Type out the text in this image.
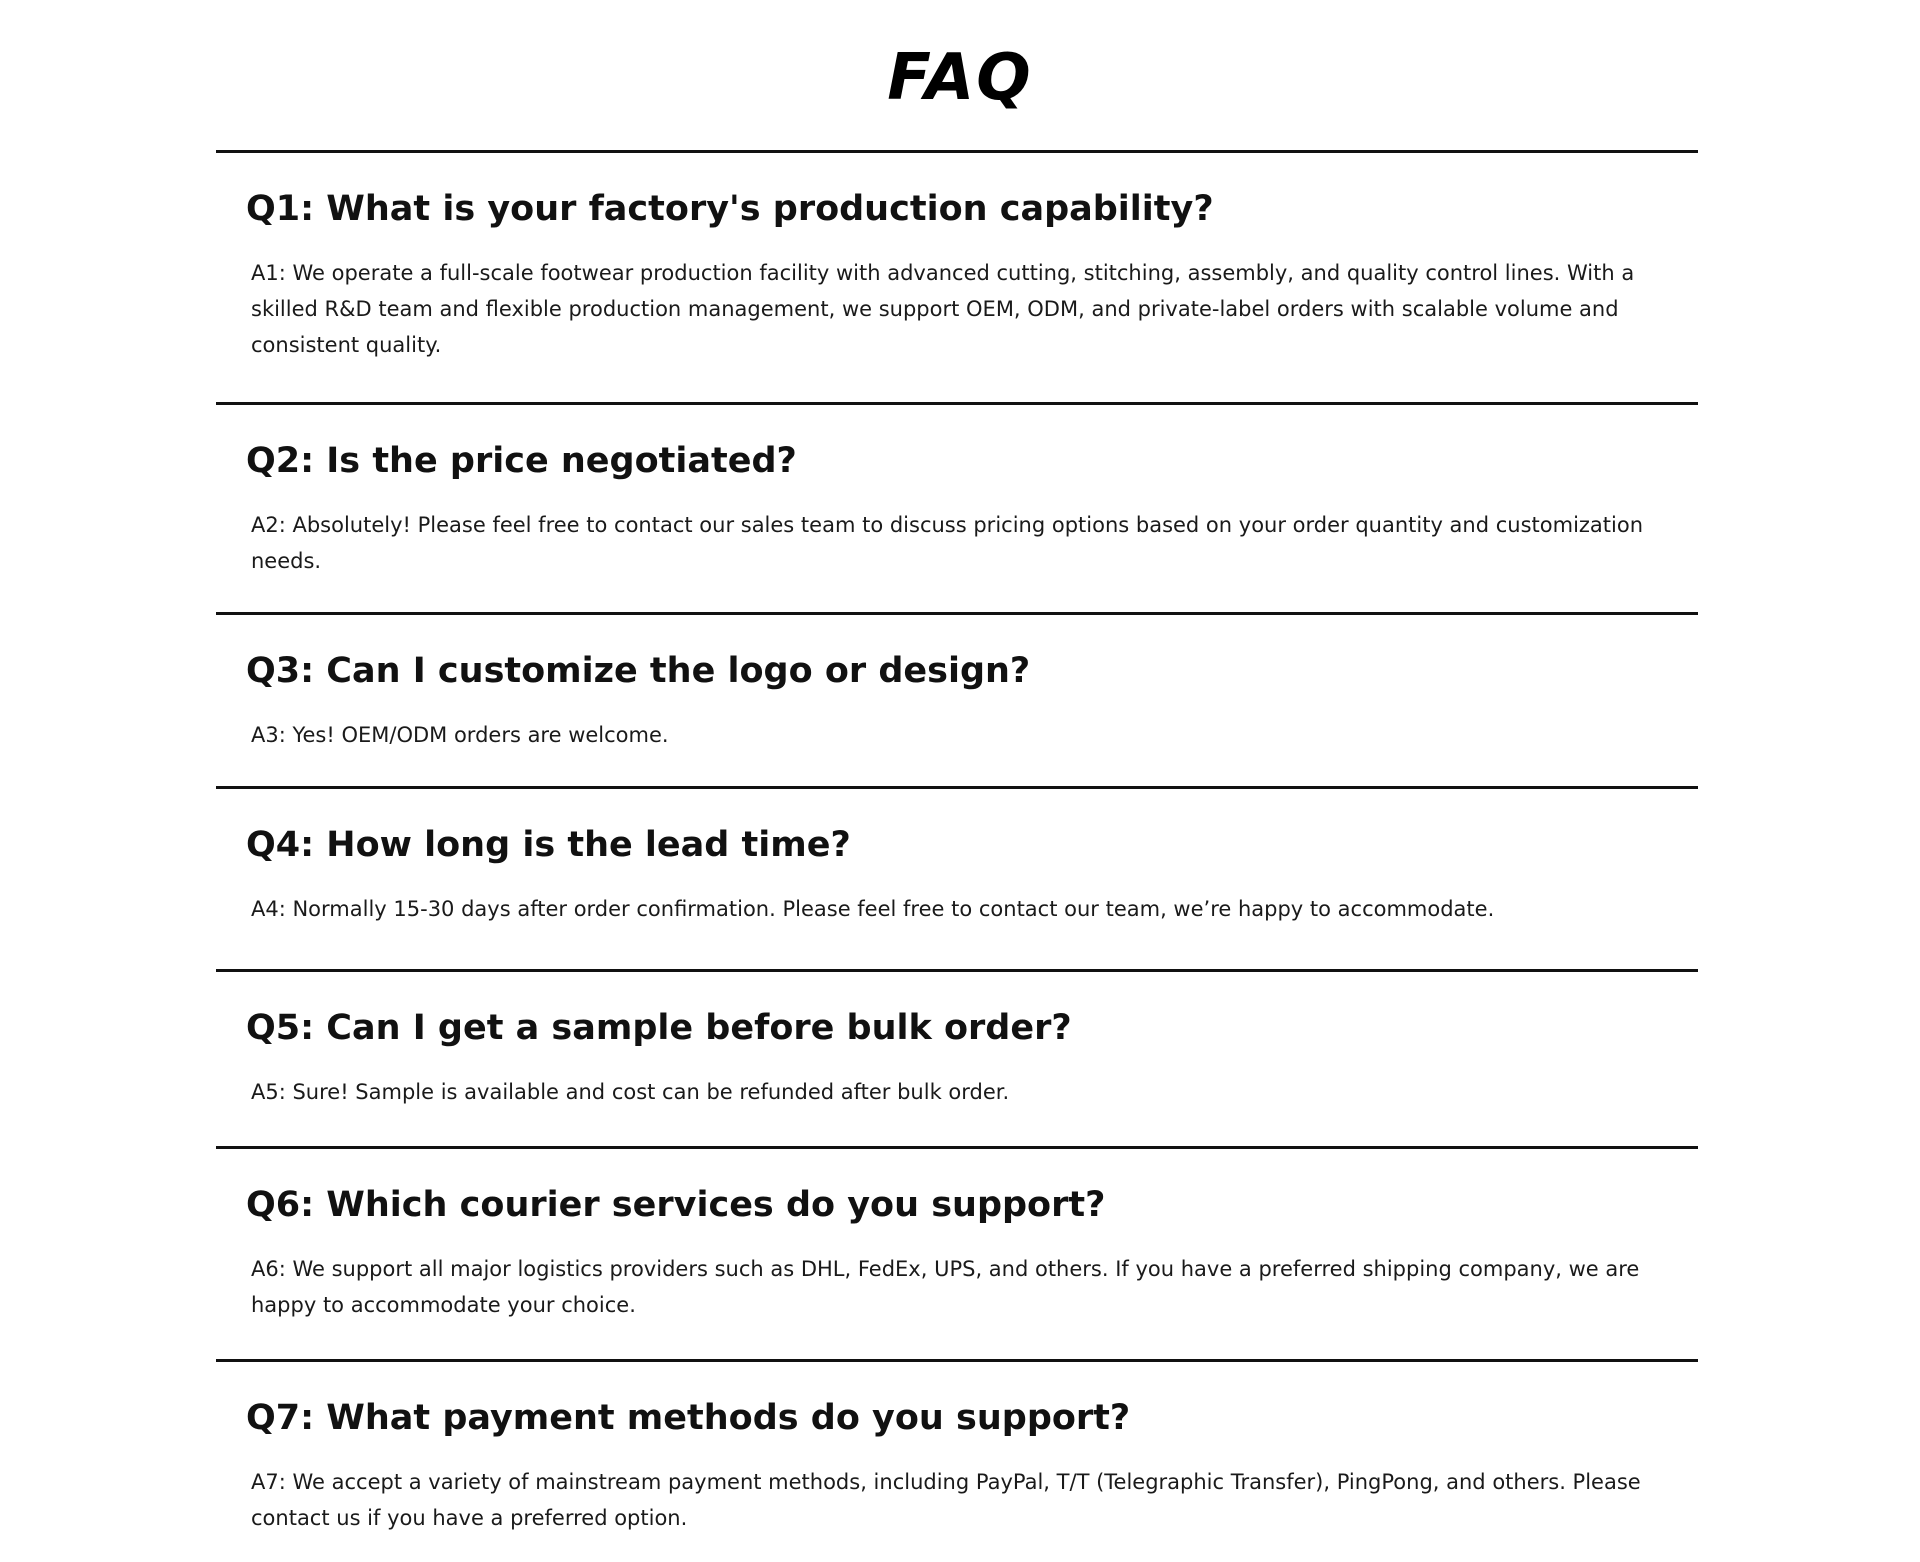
FAQ
Q1: What is your factory's production capability?

A1: We operate a full-scale footwear production facility with advanced cutting, stitching, assembly, and quality control lines. With a skilled R&D team and flexible production management, we support OEM, ODM, and private-label orders with scalable volume and consistent quality.

Q2: Is the price negotiated?

A2: Absolutely! Please feel free to contact our sales team to discuss pricing options based on your order quantity and customization needs.

Q3: Can I customize the logo or design?

A3: Yes! OEM/ODM orders are welcome.

Q4: How long is the lead time?

A4: Normally 15-30 days after order confirmation. Please feel free to contact our team, we’re happy to accommodate.

Q5: Can I get a sample before bulk order?

A5: Sure! Sample is available and cost can be refunded after bulk order.

Q6: Which courier services do you support?

A6: We support all major logistics providers such as DHL, FedEx, UPS, and others. If you have a preferred shipping company, we are happy to accommodate your choice.

Q7: What payment methods do you support?

A7: We accept a variety of mainstream payment methods, including PayPal, T/T (Telegraphic Transfer), PingPong, and others. Please contact us if you have a preferred option.
